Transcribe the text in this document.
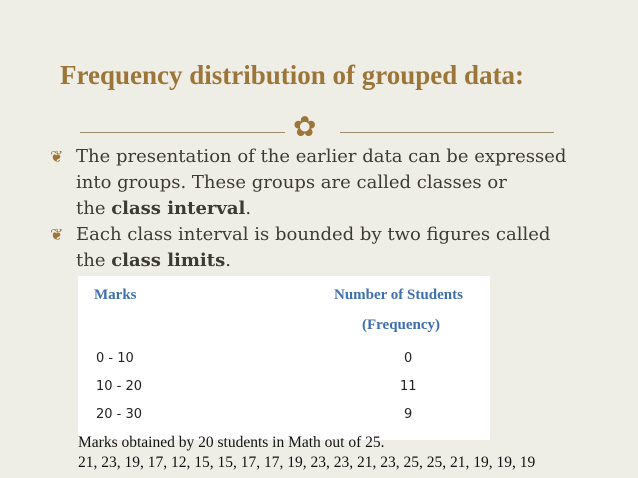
Frequency distribution of grouped data:
✿
❦ The presentation of the earlier data can be expressed
into groups. These groups are called classes or
the class interval.
❦ Each class interval is bounded by two figures called
the class limits.
Marks	Number of Students
(Frequency)
0 - 10	0
10 - 20	11
20 - 30	9
Marks obtained by 20 students in Math out of 25.
21, 23, 19, 17, 12, 15, 15, 17, 17, 19, 23, 23, 21, 23, 25, 25, 21, 19, 19, 19
